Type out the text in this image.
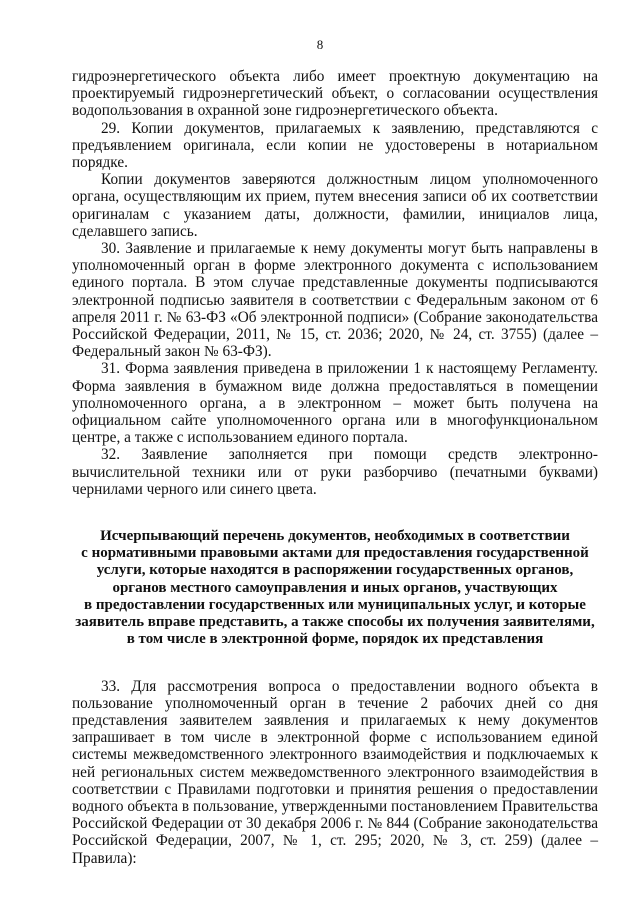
8

гидроэнергетического объекта либо имеет проектную документацию на проектируемый гидроэнергетический объект, о согласовании осуществления водопользования в охранной зоне гидроэнергетического объекта.

29. Копии документов, прилагаемых к заявлению, представляются с предъявлением оригинала, если копии не удостоверены в нотариальном порядке.

Копии документов заверяются должностным лицом уполномоченного органа, осуществляющим их прием, путем внесения записи об их соответствии оригиналам с указанием даты, должности, фамилии, инициалов лица, сделавшего запись.

30. Заявление и прилагаемые к нему документы могут быть направлены в уполномоченный орган в форме электронного документа с использованием единого портала. В этом случае представленные документы подписываются электронной подписью заявителя в соответствии с Федеральным законом от 6 апреля 2011 г. № 63-ФЗ «Об электронной подписи» (Собрание законодательства Российской Федерации, 2011, № 15, ст. 2036; 2020, № 24, ст. 3755) (далее – Федеральный закон № 63-ФЗ).

31. Форма заявления приведена в приложении 1 к настоящему Регламенту. Форма заявления в бумажном виде должна предоставляться в помещении уполномоченного органа, а в электронном – может быть получена на официальном сайте уполномоченного органа или в многофункциональном центре, а также с использованием единого портала.

32. Заявление заполняется при помощи средств электронно-вычислительной техники или от руки разборчиво (печатными буквами) чернилами черного или синего цвета.

Исчерпывающий перечень документов, необходимых в соответствии
с нормативными правовыми актами для предоставления государственной
услуги, которые находятся в распоряжении государственных органов,
органов местного самоуправления и иных органов, участвующих
в предоставлении государственных или муниципальных услуг, и которые
заявитель вправе представить, а также способы их получения заявителями,
в том числе в электронной форме, порядок их представления

33. Для рассмотрения вопроса о предоставлении водного объекта в пользование уполномоченный орган в течение 2 рабочих дней со дня представления заявителем заявления и прилагаемых к нему документов запрашивает в том числе в электронной форме с использованием единой системы межведомственного электронного взаимодействия и подключаемых к ней региональных систем межведомственного электронного взаимодействия в соответствии с Правилами подготовки и принятия решения о предоставлении водного объекта в пользование, утвержденными постановлением Правительства Российской Федерации от 30 декабря 2006 г. № 844 (Собрание законодательства Российской Федерации, 2007, № 1, ст. 295; 2020, № 3, ст. 259) (далее – Правила):
